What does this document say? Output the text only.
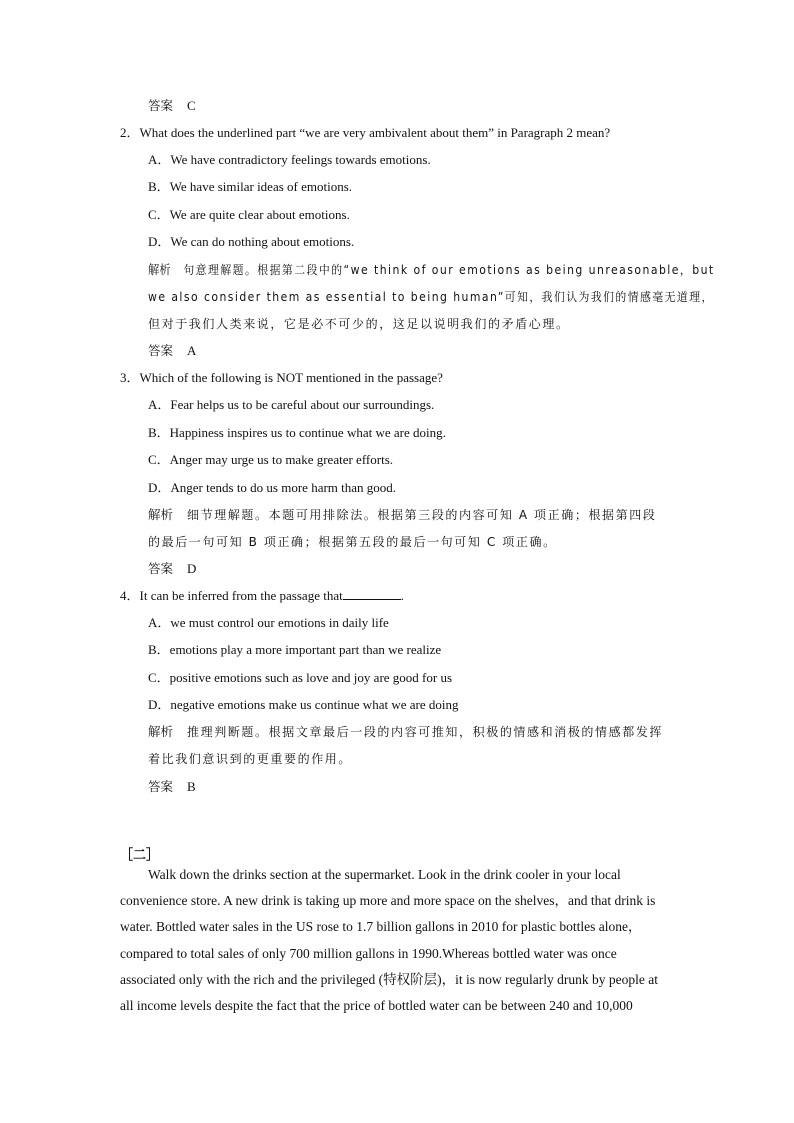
答案 C
2．What does the underlined part “we are very ambivalent about them” in Paragraph 2 mean?
A．We have contradictory feelings towards emotions.
B．We have similar ideas of emotions.
C．We are quite clear about emotions.
D．We can do nothing about emotions.
解析 句意理解题。根据第二段中的“we think of our emotions as being unreasonable，but
we also consider them as essential to being human”可知，我们认为我们的情感毫无道理，
但对于我们人类来说，它是必不可少的，这足以说明我们的矛盾心理。
答案 A
3．Which of the following is NOT mentioned in the passage?
A．Fear helps us to be careful about our surroundings.
B．Happiness inspires us to continue what we are doing.
C．Anger may urge us to make greater efforts.
D．Anger tends to do us more harm than good.
解析 细节理解题。本题可用排除法。根据第三段的内容可知 A 项正确；根据第四段
的最后一句可知 B 项正确；根据第五段的最后一句可知 C 项正确。
答案 D
4．It can be inferred from the passage that	.
A．we must control our emotions in daily life
B．emotions play a more important part than we realize
C．positive emotions such as love and joy are good for us
D．negative emotions make us continue what we are doing
解析 推理判断题。根据文章最后一段的内容可推知，积极的情感和消极的情感都发挥
着比我们意识到的更重要的作用。
答案 B
［二］
Walk down the drinks section at the supermarket. Look in the drink cooler in your local
convenience store. A new drink is taking up more and more space on the shelves，and that drink is
water. Bottled water sales in the US rose to 1.7 billion gallons in 2010 for plastic bottles alone，
compared to total sales of only 700 million gallons in 1990.Whereas bottled water was once
associated only with the rich and the privileged (特权阶层)，it is now regularly drunk by people at
all income levels despite the fact that the price of bottled water can be between 240 and 10,000
